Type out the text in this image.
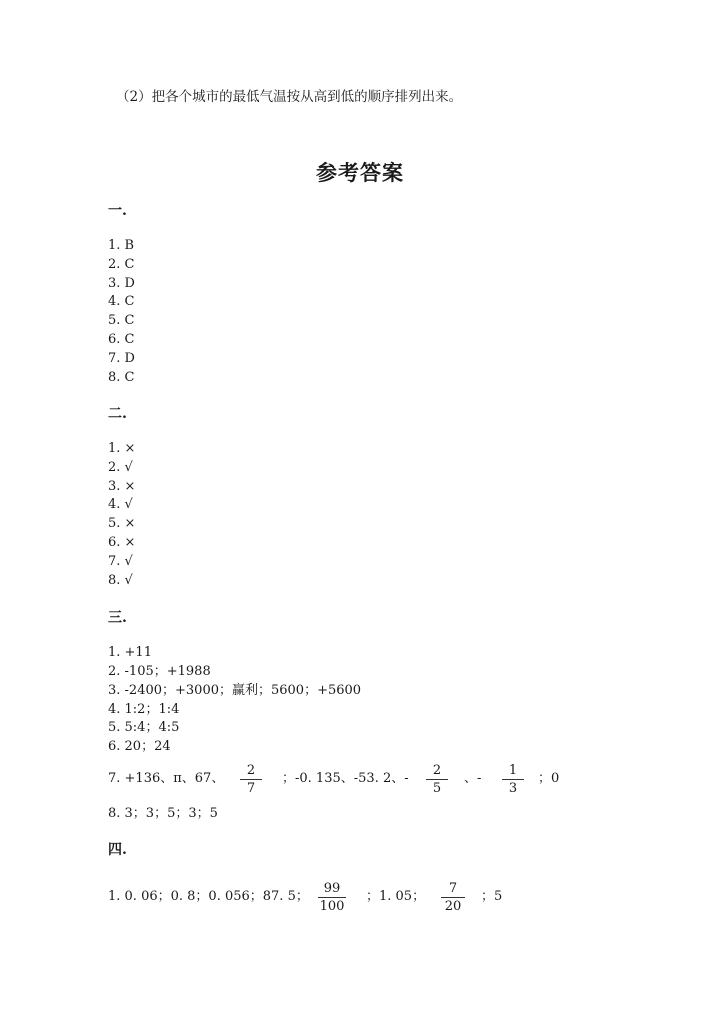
（2）把各个城市的最低气温按从高到低的顺序排列出来。
参考答案
一.
1. B
2. C
3. D
4. C
5. C
6. C
7. D
8. C
二.
1. ×
2. √
3. ×
4. √
5. ×
6. ×
7. √
8. √
三.
1. +11
2. -105；+1988
3. -2400；+3000；赢利；5600；+5600
4. 1:2；1:4
5. 5:4；4:5
6. 20；24
7. +136、π、67、
2
7
；-0. 135、-53. 2、-
2
5
、-
1
3
；0
8. 3；3；5；3；5
四.
1. 0. 06；0. 8；0. 056；87. 5；
99
100
；1. 05；
7
20
；5
